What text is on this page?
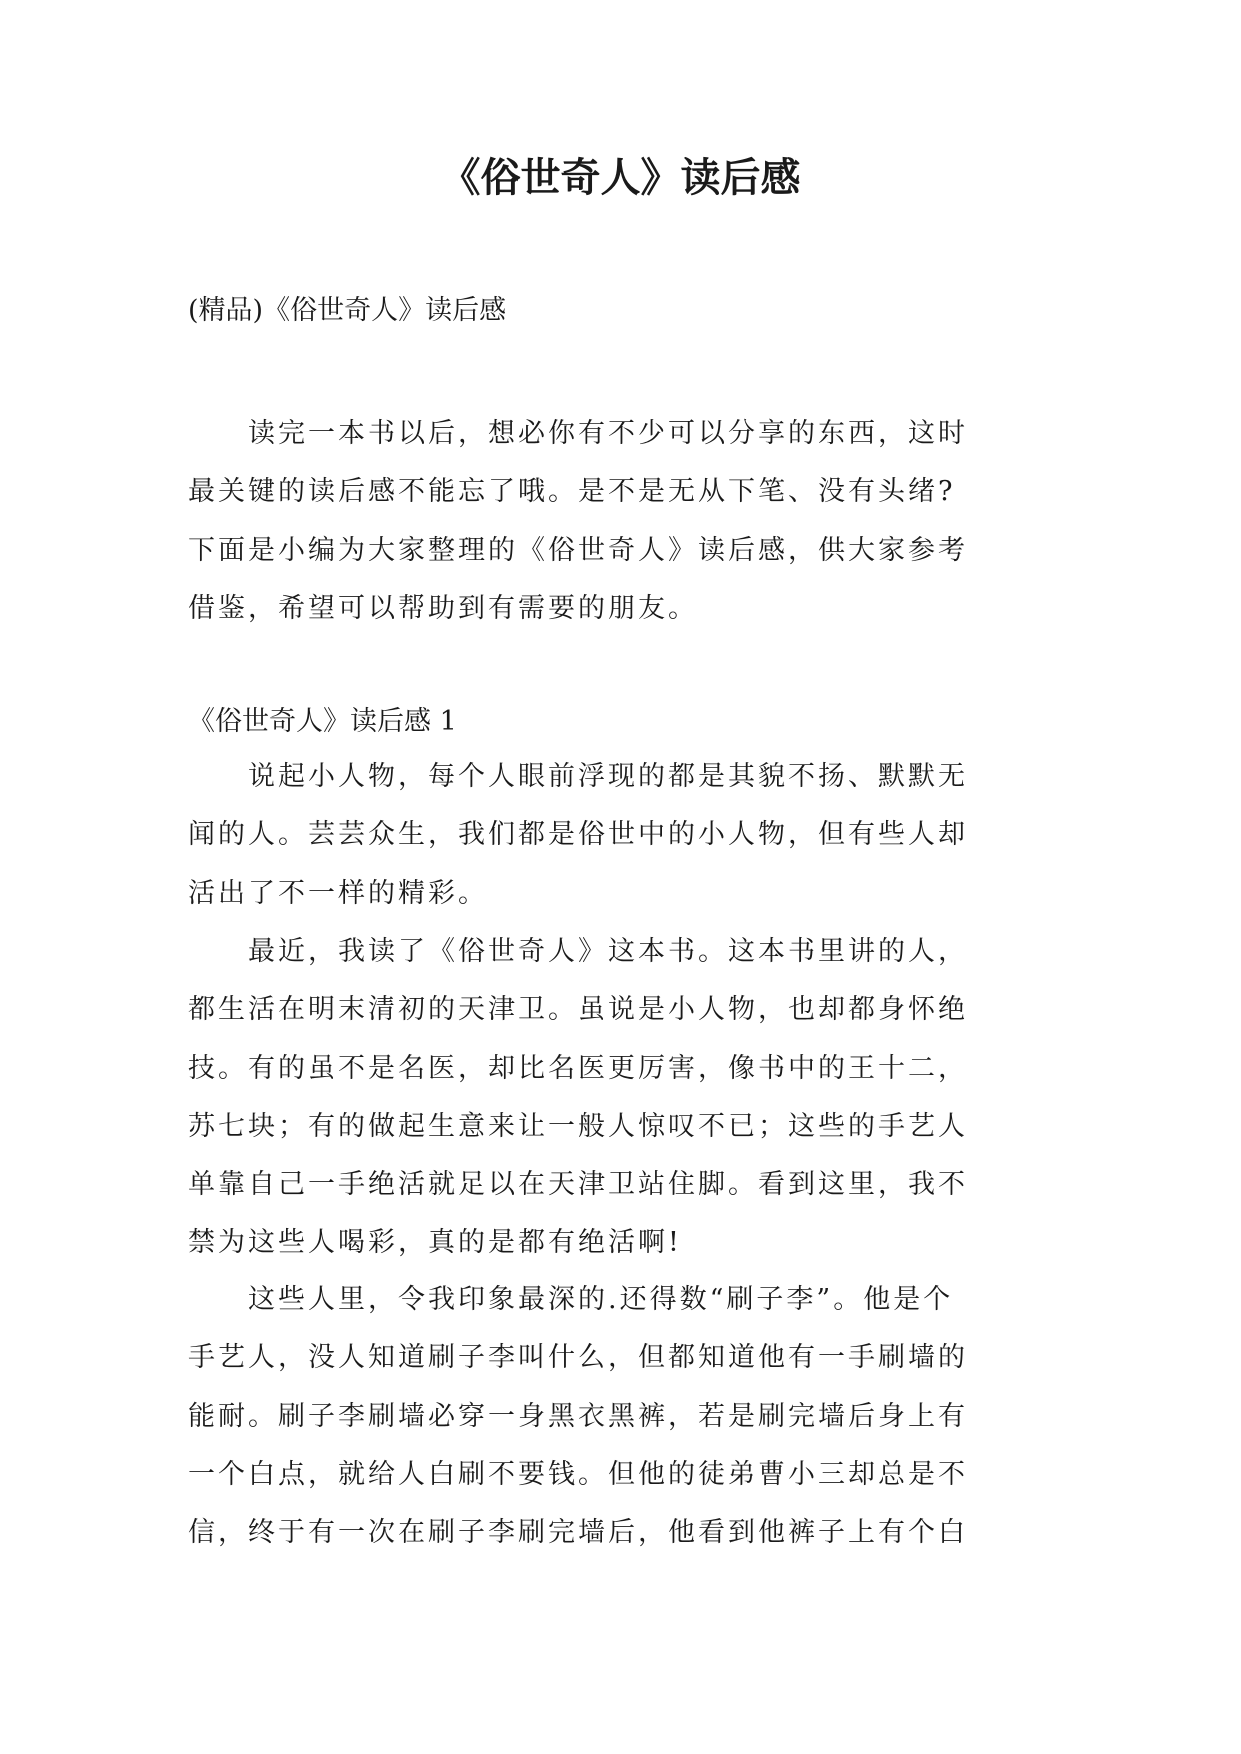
《俗世奇人》读后感

(精品)《俗世奇人》读后感

读完一本书以后，想必你有不少可以分享的东西，这时
最关键的读后感不能忘了哦。是不是无从下笔、没有头绪?
下面是小编为大家整理的《俗世奇人》读后感，供大家参考
借鉴，希望可以帮助到有需要的朋友。

《俗世奇人》读后感 1

说起小人物，每个人眼前浮现的都是其貌不扬、默默无
闻的人。芸芸众生，我们都是俗世中的小人物，但有些人却
活出了不一样的精彩。
最近，我读了《俗世奇人》这本书。这本书里讲的人，
都生活在明末清初的天津卫。虽说是小人物，也却都身怀绝
技。有的虽不是名医，却比名医更厉害，像书中的王十二，
苏七块；有的做起生意来让一般人惊叹不已；这些的手艺人
单靠自己一手绝活就足以在天津卫站住脚。看到这里，我不
禁为这些人喝彩，真的是都有绝活啊!
这些人里，令我印象最深的.还得数“刷子李”。他是个
手艺人，没人知道刷子李叫什么，但都知道他有一手刷墙的
能耐。刷子李刷墙必穿一身黑衣黑裤，若是刷完墙后身上有
一个白点，就给人白刷不要钱。但他的徒弟曹小三却总是不
信，终于有一次在刷子李刷完墙后，他看到他裤子上有个白
